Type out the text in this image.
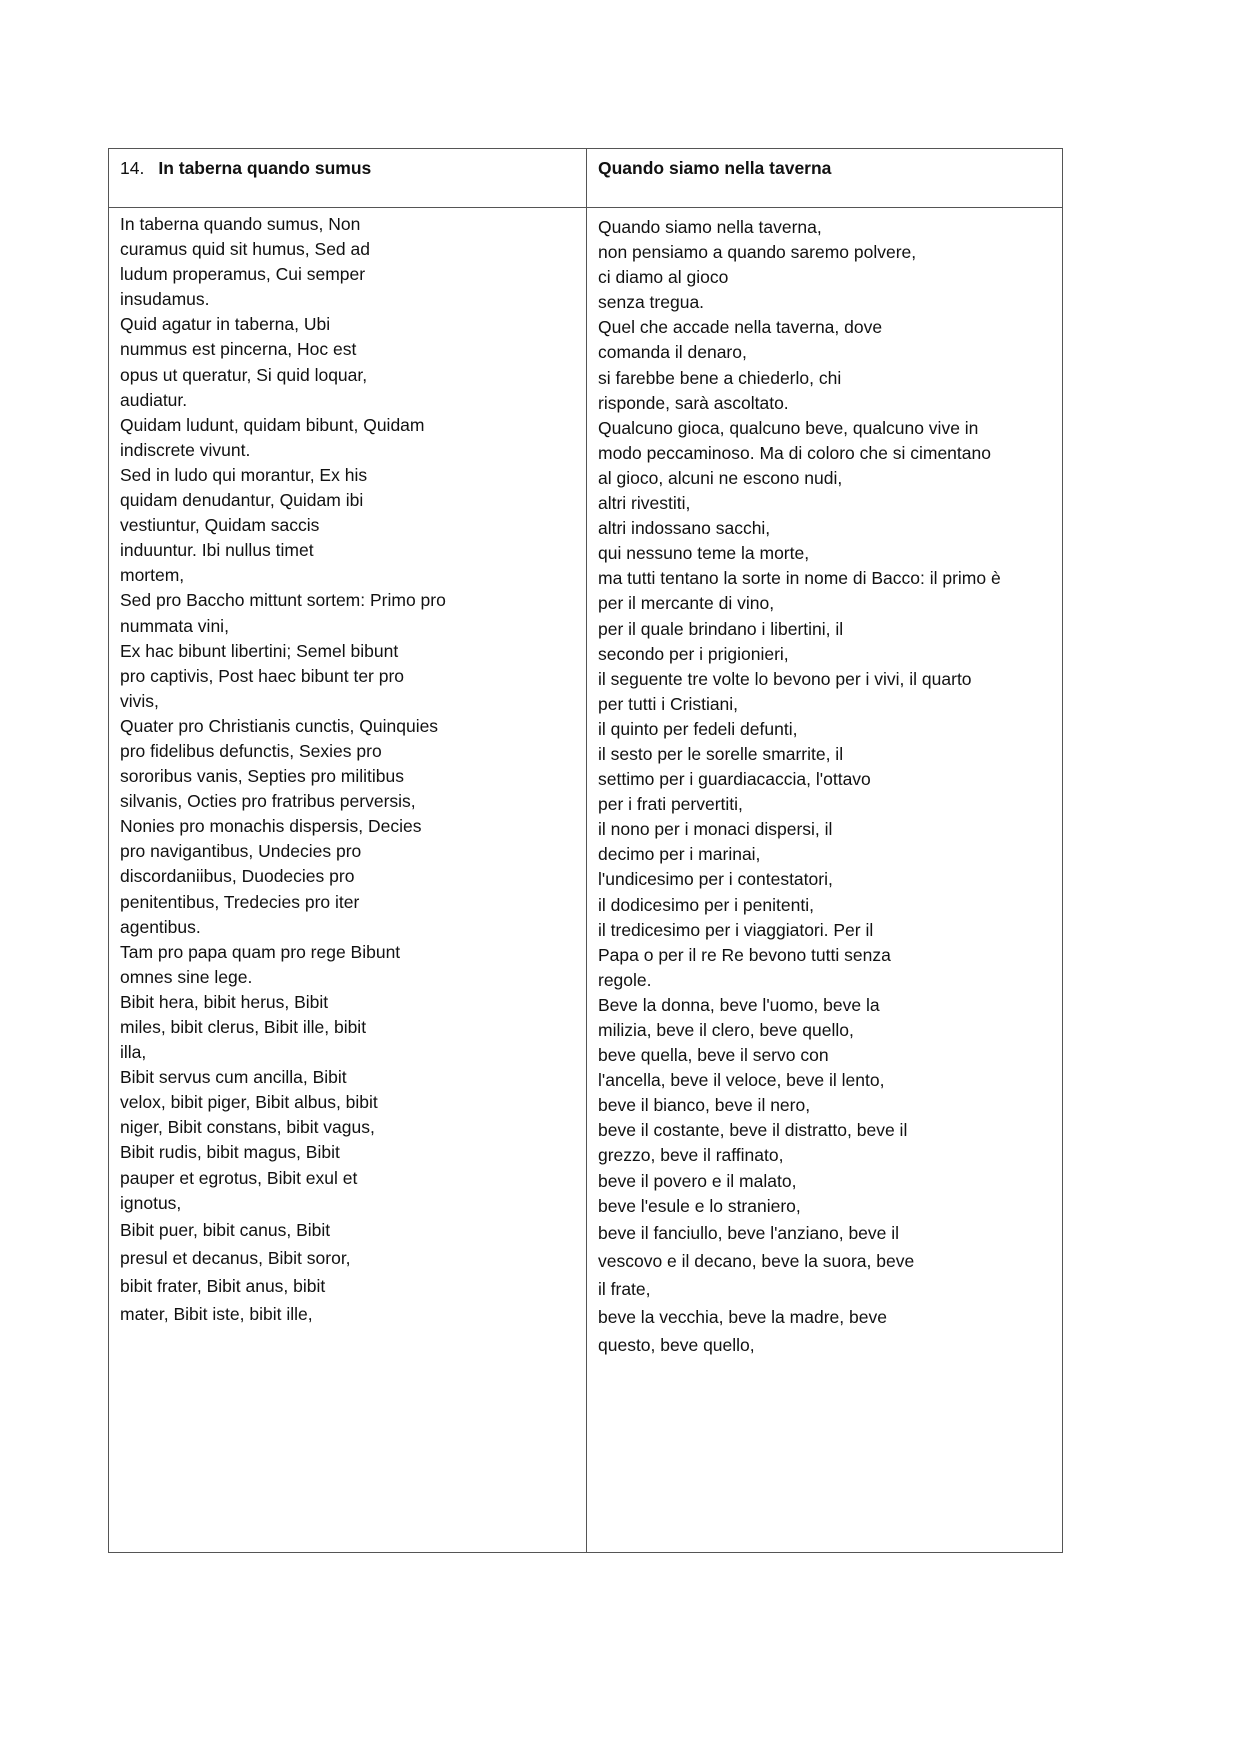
14. In taberna quando sumus	Quando siamo nella taverna
In taberna quando sumus, Non
curamus quid sit humus, Sed ad
ludum properamus, Cui semper
insudamus.
Quid agatur in taberna, Ubi
nummus est pincerna, Hoc est
opus ut queratur, Si quid loquar,
audiatur.
Quidam ludunt, quidam bibunt, Quidam
indiscrete vivunt.
Sed in ludo qui morantur, Ex his
quidam denudantur, Quidam ibi
vestiuntur, Quidam saccis
induuntur. Ibi nullus timet
mortem,
Sed pro Baccho mittunt sortem: Primo pro
nummata vini,
Ex hac bibunt libertini; Semel bibunt
pro captivis, Post haec bibunt ter pro
vivis,
Quater pro Christianis cunctis, Quinquies
pro fidelibus defunctis, Sexies pro
sororibus vanis, Septies pro militibus
silvanis, Octies pro fratribus perversis,
Nonies pro monachis dispersis, Decies
pro navigantibus, Undecies pro
discordaniibus, Duodecies pro
penitentibus, Tredecies pro iter
agentibus.
Tam pro papa quam pro rege Bibunt
omnes sine lege.
Bibit hera, bibit herus, Bibit
miles, bibit clerus, Bibit ille, bibit
illa,
Bibit servus cum ancilla, Bibit
velox, bibit piger, Bibit albus, bibit
niger, Bibit constans, bibit vagus,
Bibit rudis, bibit magus, Bibit
pauper et egrotus, Bibit exul et
ignotus,
Bibit puer, bibit canus, Bibit
presul et decanus, Bibit soror,
bibit frater, Bibit anus, bibit
mater, Bibit iste, bibit ille,
Quando siamo nella taverna,
non pensiamo a quando saremo polvere,
ci diamo al gioco
senza tregua.
Quel che accade nella taverna, dove
comanda il denaro,
si farebbe bene a chiederlo, chi
risponde, sarà ascoltato.
Qualcuno gioca, qualcuno beve, qualcuno vive in
modo peccaminoso. Ma di coloro che si cimentano
al gioco, alcuni ne escono nudi,
altri rivestiti,
altri indossano sacchi,
qui nessuno teme la morte,
ma tutti tentano la sorte in nome di Bacco: il primo è
per il mercante di vino,
per il quale brindano i libertini, il
secondo per i prigionieri,
il seguente tre volte lo bevono per i vivi, il quarto
per tutti i Cristiani,
il quinto per fedeli defunti,
il sesto per le sorelle smarrite, il
settimo per i guardiacaccia, l'ottavo
per i frati pervertiti,
il nono per i monaci dispersi, il
decimo per i marinai,
l'undicesimo per i contestatori,
il dodicesimo per i penitenti,
il tredicesimo per i viaggiatori. Per il
Papa o per il re Re bevono tutti senza
regole.
Beve la donna, beve l'uomo, beve la
milizia, beve il clero, beve quello,
beve quella, beve il servo con
l'ancella, beve il veloce, beve il lento,
beve il bianco, beve il nero,
beve il costante, beve il distratto, beve il
grezzo, beve il raffinato,
beve il povero e il malato,
beve l'esule e lo straniero,
beve il fanciullo, beve l'anziano, beve il
vescovo e il decano, beve la suora, beve
il frate,
beve la vecchia, beve la madre, beve
questo, beve quello,
